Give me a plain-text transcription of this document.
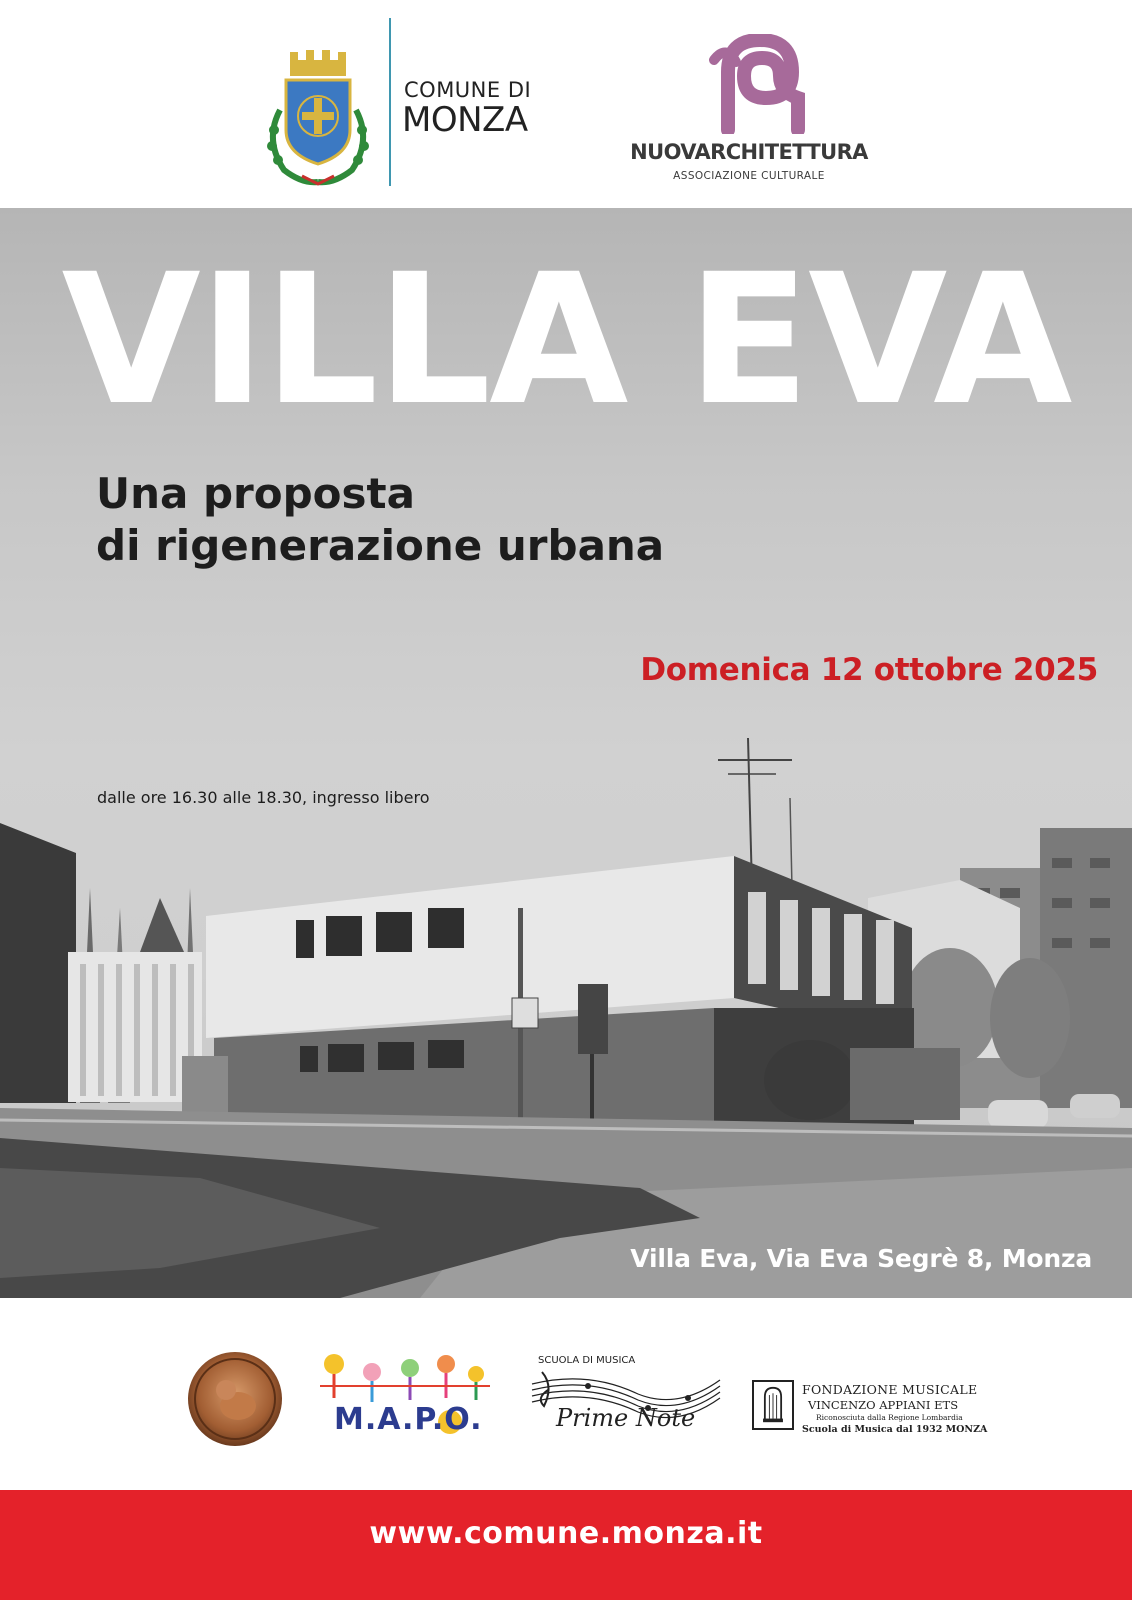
COMUNE DI
MONZA
NUOVARCHITETTURA
ASSOCIAZIONE CULTURALE
VILLA EVA
Una proposta
di rigenerazione urbana
Domenica 12 ottobre 2025
dalle ore 16.30 alle 18.30, ingresso libero
Villa Eva, Via Eva Segrè 8, Monza
M.A.P.O.
SCUOLA DI MUSICA
Prime Note
FONDAZIONE MUSICALE
VINCENZO APPIANI ETS
Riconosciuta dalla Regione Lombardia
Scuola di Musica dal 1932 MONZA
www.comune.monza.it
